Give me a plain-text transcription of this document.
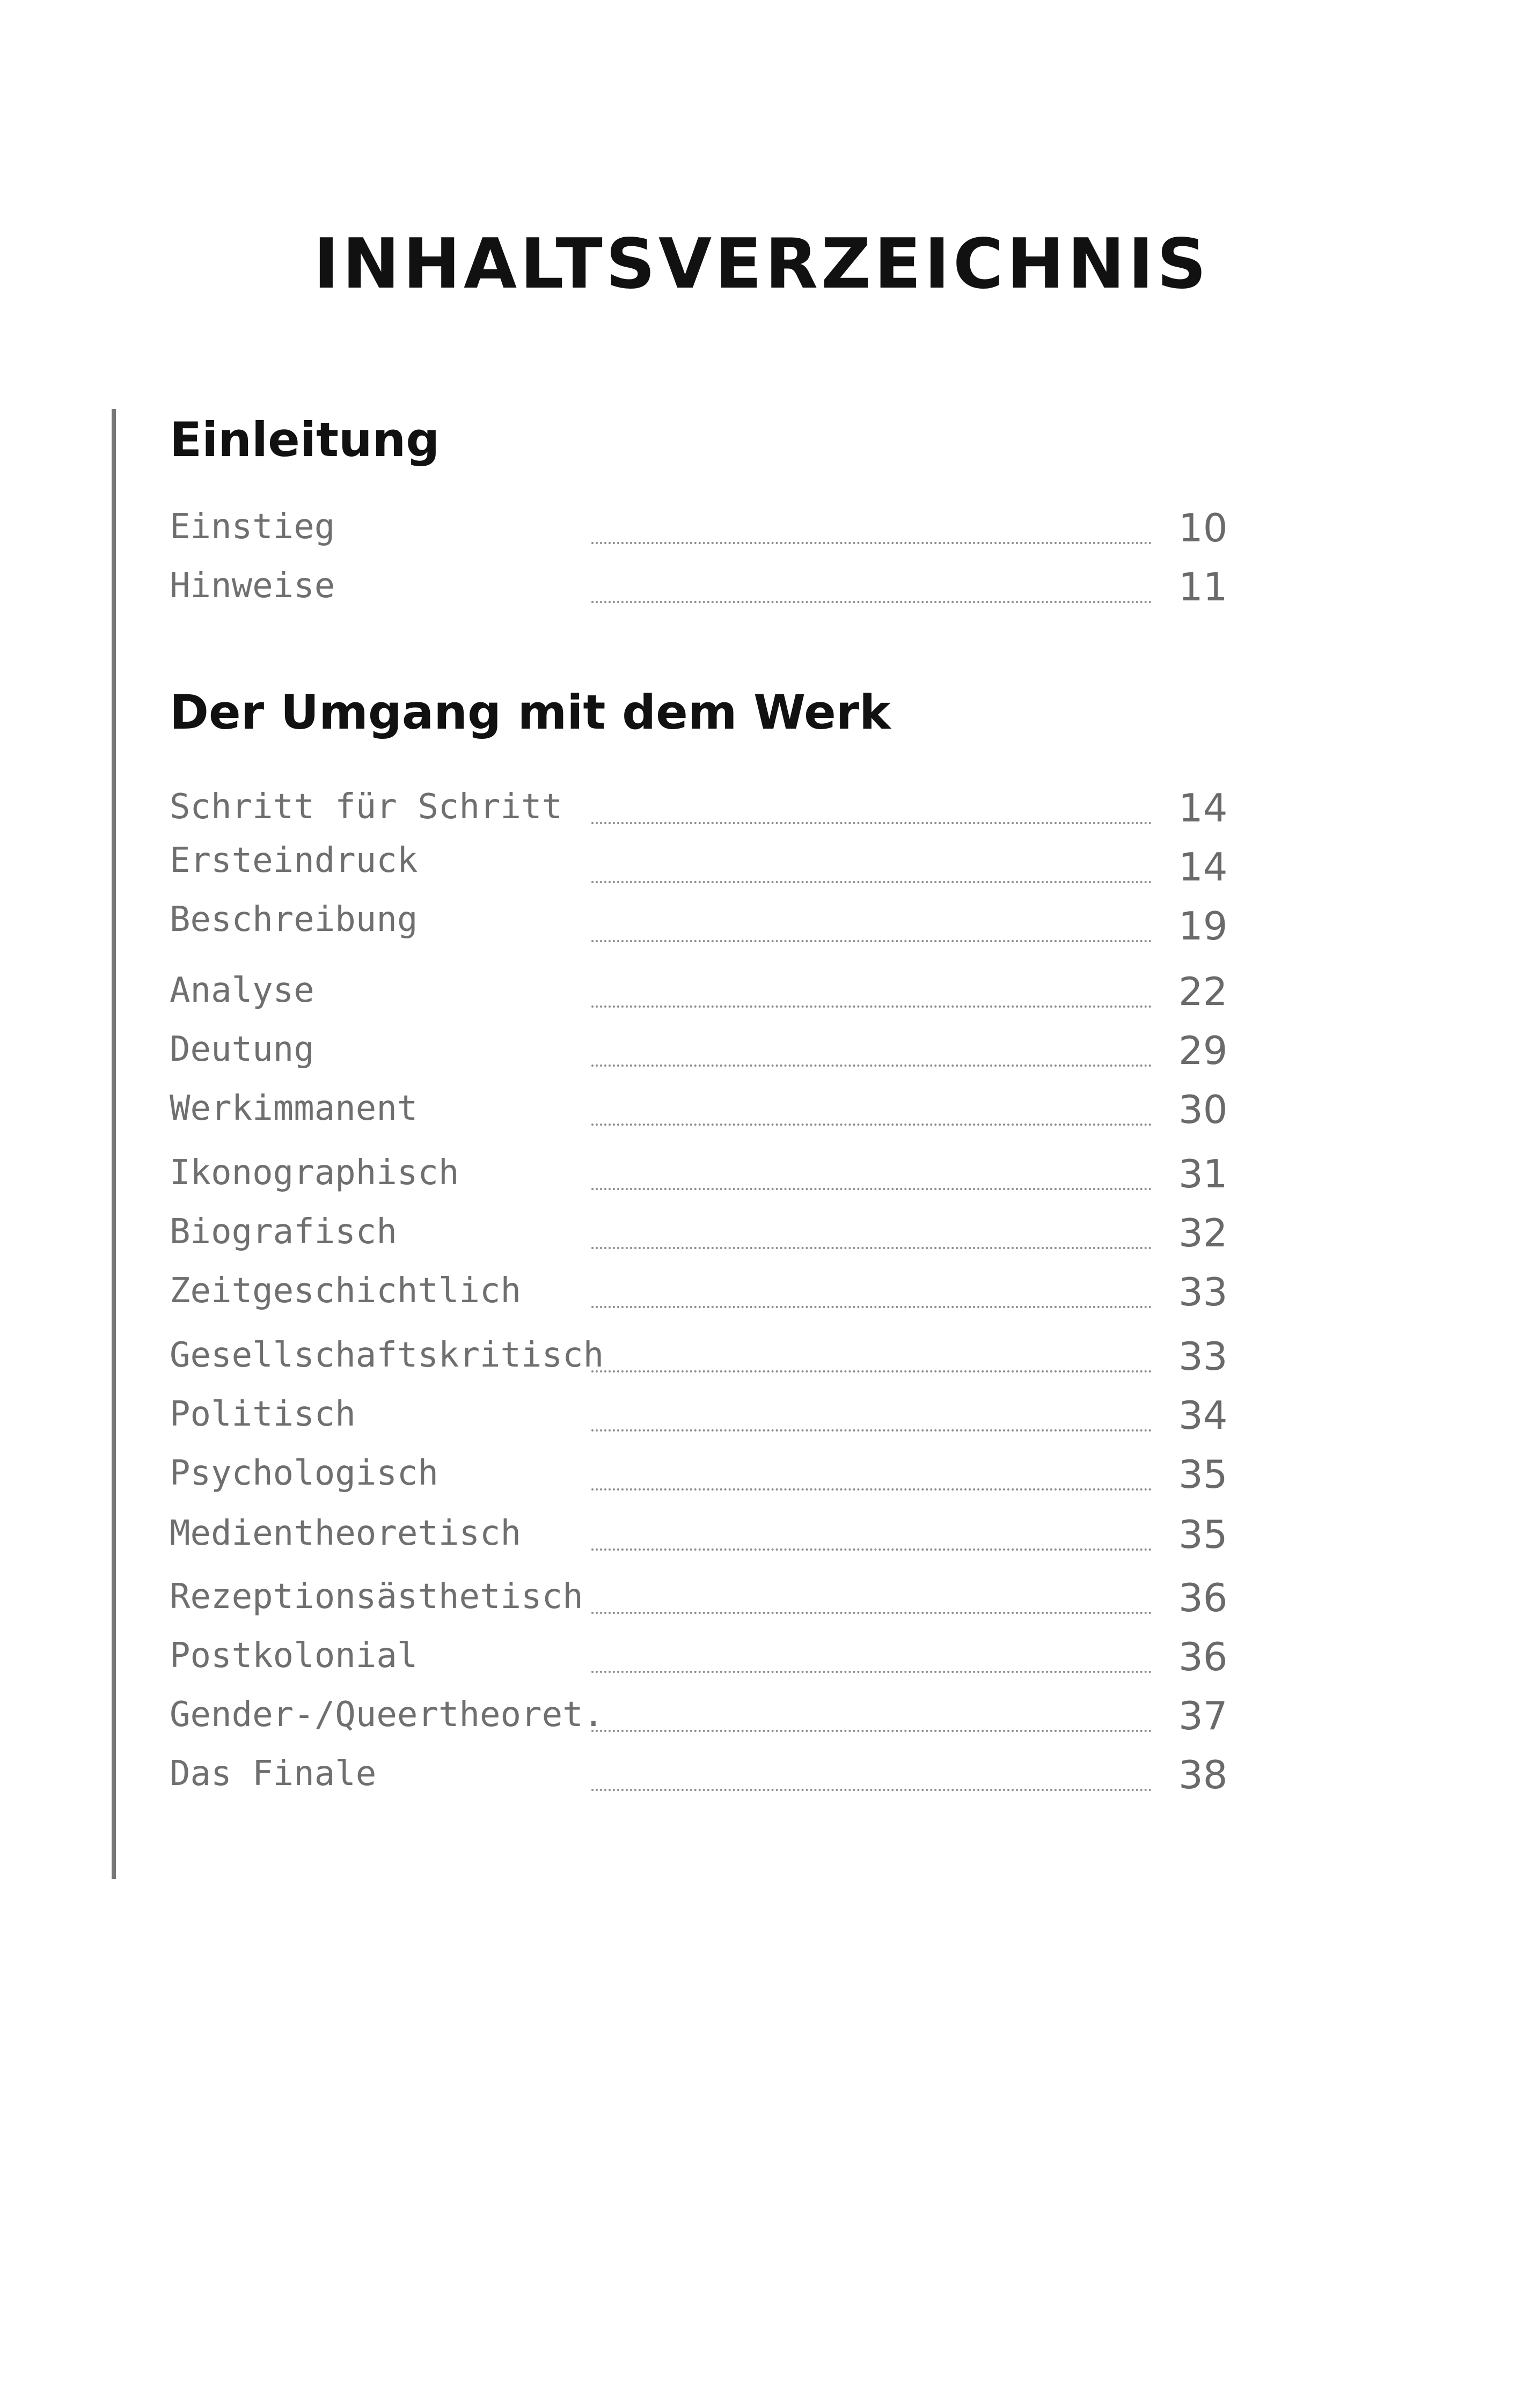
INHALTSVERZEICHNIS
Einleitung
Einstieg	10
Hinweise	11
Der Umgang mit dem Werk
Schritt für Schritt	14
Ersteindruck	14
Beschreibung	19
Analyse	22
Deutung	29
Werkimmanent	30
Ikonographisch	31
Biografisch	32
Zeitgeschichtlich	33
Gesellschaftskritisch	33
Politisch	34
Psychologisch	35
Medientheoretisch	35
Rezeptionsästhetisch	36
Postkolonial	36
Gender-/Queertheoret.	37
Das Finale	38
